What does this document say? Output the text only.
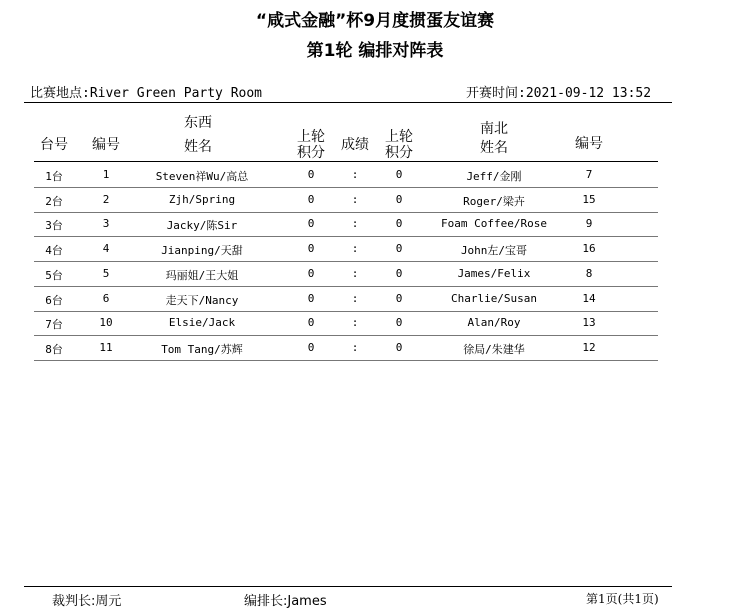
“咸式金融”杯9月度掼蛋友谊赛
第1轮 编排对阵表
比赛地点:River Green Party Room	开赛时间:2021-09-12 13:52
台号	编号
东西
姓名
上轮
积分	成绩	上轮
积分
南北
姓名	编号
1台	1	Steven祥Wu/高总	0	:	0	Jeff/金刚	7
2台	2	Zjh/Spring	0	:	0	Roger/梁卉	15
3台	3	Jacky/陈Sir	0	:	0	Foam Coffee/Rose	9
4台	4	Jianping/天甜	0	:	0	John左/宝哥	16
5台	5	玛丽姐/王大姐	0	:	0	James/Felix	8
6台	6	走天下/Nancy	0	:	0	Charlie/Susan	14
7台	10	Elsie/Jack	0	:	0	Alan/Roy	13
8台	11	Tom Tang/苏辉	0	:	0	徐局/朱建华	12
裁判长:周元	编排长:James	第1页(共1页)
